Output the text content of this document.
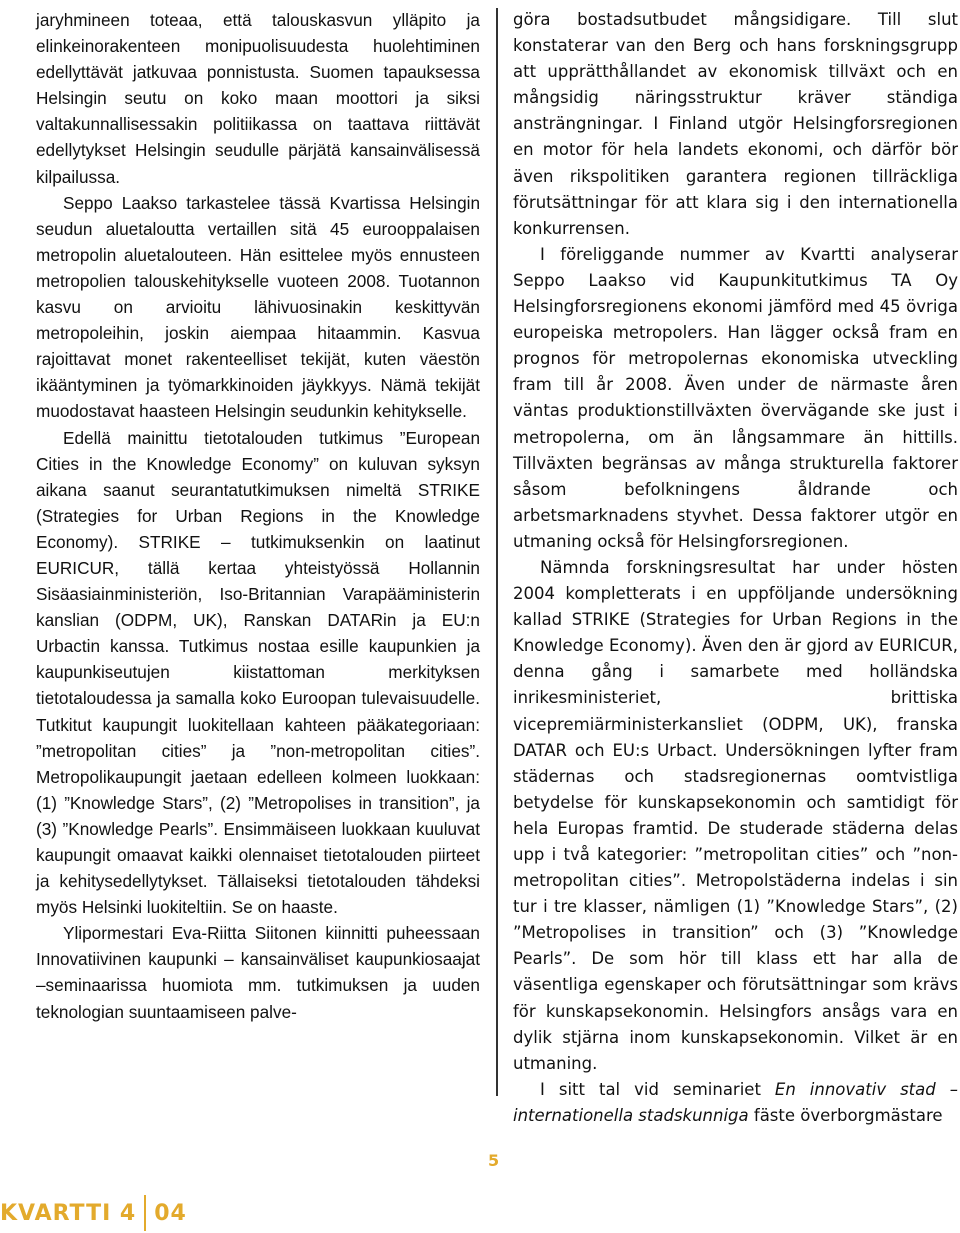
jaryhmineen toteaa, että talouskasvun ylläpito ja elinkeinorakenteen monipuolisuudesta huolehtiminen edellyttävät jatkuvaa ponnistusta. Suomen tapauksessa Helsingin seutu on koko maan moottori ja siksi valtakunnallisessakin politiikassa on taattava riittävät edellytykset Helsingin seudulle pärjätä kansainvälisessä kilpailussa.

Seppo Laakso tarkastelee tässä Kvartissa Helsingin seudun aluetaloutta vertaillen sitä 45 eurooppalaisen metropolin aluetalouteen. Hän esittelee myös ennusteen metropolien talouskehitykselle vuoteen 2008. Tuotannon kasvu on arvioitu lähivuosinakin keskittyvän metropoleihin, joskin aiempaa hitaammin. Kasvua rajoittavat monet rakenteelliset tekijät, kuten väestön ikääntyminen ja työmarkkinoiden jäykkyys. Nämä tekijät muodostavat haasteen Helsingin seudunkin kehitykselle.

Edellä mainittu tietotalouden tutkimus ”European Cities in the Knowledge Economy” on kuluvan syksyn aikana saanut seurantatutkimuksen nimeltä STRIKE (Strategies for Urban Regions in the Knowledge Economy). STRIKE – tutkimuksenkin on laatinut EURICUR, tällä kertaa yhteistyössä Hollannin Sisäasiainministeriön, Iso-Britannian Varapääministerin kanslian (ODPM, UK), Ranskan DATARin ja EU:n Urbactin kanssa. Tutkimus nostaa esille kaupunkien ja kaupunkiseutujen kiistattoman merkityksen tietotaloudessa ja samalla koko Euroopan tulevaisuudelle. Tutkitut kaupungit luokitellaan kahteen pääkategoriaan: ”metropolitan cities” ja ”non-metropolitan cities”. Metropolikaupungit jaetaan edelleen kolmeen luokkaan: (1) ”Knowledge Stars”, (2) ”Metropolises in transition”, ja (3) ”Knowledge Pearls”. Ensimmäiseen luokkaan kuuluvat kaupungit omaavat kaikki olennaiset tietotalouden piirteet ja kehitysedellytykset. Tällaiseksi tietotalouden tähdeksi myös Helsinki luokiteltiin. Se on haaste.

Ylipormestari Eva-Riitta Siitonen kiinnitti puheessaan Innovatiivinen kaupunki – kansainväliset kaupunkiosaajat –seminaarissa huomiota mm. tutkimuksen ja uuden teknologian suuntaamiseen palve-

göra bostadsutbudet mångsidigare. Till slut konstaterar van den Berg och hans forskningsgrupp att upprätthållandet av ekonomisk tillväxt och en mångsidig näringsstruktur kräver ständiga ansträngningar. I Finland utgör Helsingforsregionen en motor för hela landets ekonomi, och därför bör även rikspolitiken garantera regionen tillräckliga förutsättningar för att klara sig i den internationella konkurrensen.

I föreliggande nummer av Kvartti analyserar Seppo Laakso vid Kaupunkitutkimus TA Oy Helsingforsregionens ekonomi jämförd med 45 övriga europeiska metropolers. Han lägger också fram en prognos för metropolernas ekonomiska utveckling fram till år 2008. Även under de närmaste åren väntas produktionstillväxten övervägande ske just i metropolerna, om än långsammare än hittills. Tillväxten begränsas av många strukturella faktorer såsom befolkningens åldrande och arbetsmarknadens styvhet. Dessa faktorer utgör en utmaning också för Helsingforsregionen.

Nämnda forskningsresultat har under hösten 2004 kompletterats i en uppföljande undersökning kallad STRIKE (Strategies for Urban Regions in the Knowledge Economy). Även den är gjord av EURICUR, denna gång i samarbete med holländska inrikesministeriet, brittiska vicepremiärministerkansliet (ODPM, UK), franska DATAR och EU:s Urbact. Undersökningen lyfter fram städernas och stadsregionernas oomtvistliga betydelse för kunskapsekonomin och samtidigt för hela Europas framtid. De studerade städerna delas upp i två kategorier: ”metropolitan cities” och ”non-metropolitan cities”. Metropolstäderna indelas i sin tur i tre klasser, nämligen (1) ”Knowledge Stars”, (2) ”Metropolises in transition” och (3) ”Knowledge Pearls”. De som hör till klass ett har alla de väsentliga egenskaper och förutsättningar som krävs för kunskapsekonomin. Helsingfors ansågs vara en dylik stjärna inom kunskapsekonomin. Vilket är en utmaning.

I sitt tal vid seminariet En innovativ stad – internationella stadskunniga fäste överborgmästare

5
KVARTTI 4 04
